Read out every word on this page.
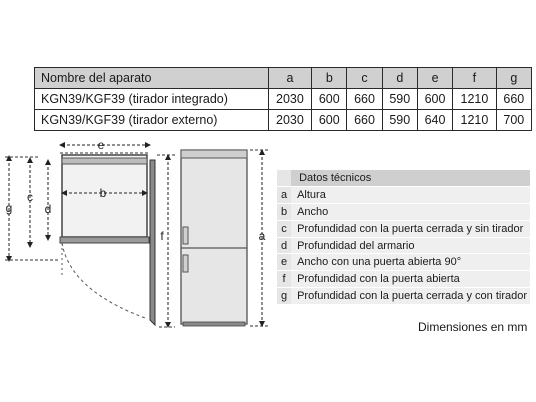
Nombre del aparato	a	b	c	d	e	f	g
KGN39/KGF39 (tirador integrado)	2030	600	660	590	600	1210	660
KGN39/KGF39 (tirador externo)	2030	600	660	590	640	1210	700
e
b
g
c
d
f	a
	Datos técnicos
a	Altura
b	Ancho
c	Profundidad con la puerta cerrada y sin tirador
d	Profundidad del armario
e	Ancho con una puerta abierta 90°
f	Profundidad con la puerta abierta
g	Profundidad con la puerta cerrada y con tirador
Dimensiones en mm
